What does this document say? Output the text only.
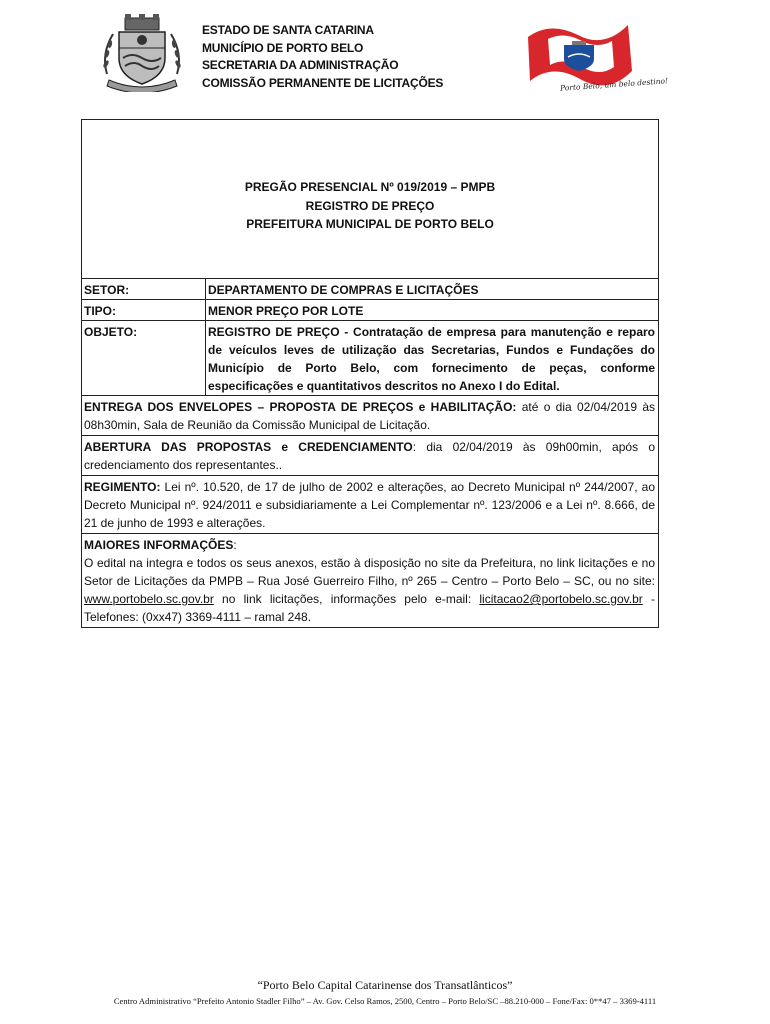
ESTADO DE SANTA CATARINA
MUNICÍPIO DE PORTO BELO
SECRETARIA DA ADMINISTRAÇÃO
COMISSÃO PERMANENTE DE LICITAÇÕES	Porto Belo, um belo destino!
PREGÃO PRESENCIAL Nº 019/2019 – PMPB
REGISTRO DE PREÇO
PREFEITURA MUNICIPAL DE PORTO BELO
SETOR:	DEPARTAMENTO DE COMPRAS E LICITAÇÕES
TIPO:	MENOR PREÇO POR LOTE
OBJETO:	REGISTRO DE PREÇO - Contratação de empresa para manutenção e reparo de veículos leves de utilização das Secretarias, Fundos e Fundações do Município de Porto Belo, com fornecimento de peças, conforme especificações e quantitativos descritos no Anexo I do Edital.
ENTREGA DOS ENVELOPES – PROPOSTA DE PREÇOS e HABILITAÇÃO: até o dia 02/04/2019 às 08h30min, Sala de Reunião da Comissão Municipal de Licitação.
ABERTURA DAS PROPOSTAS e CREDENCIAMENTO: dia 02/04/2019 às 09h00min, após o credenciamento dos representantes..
REGIMENTO: Lei nº. 10.520, de 17 de julho de 2002 e alterações, ao Decreto Municipal nº 244/2007, ao Decreto Municipal nº. 924/2011 e subsidiariamente a Lei Complementar nº. 123/2006 e a Lei nº. 8.666, de 21 de junho de 1993 e alterações.
MAIORES INFORMAÇÕES:
O edital na integra e todos os seus anexos, estão à disposição no site da Prefeitura, no link licitações e no Setor de Licitações da PMPB – Rua José Guerreiro Filho, nº 265 – Centro – Porto Belo – SC, ou no site: www.portobelo.sc.gov.br no link licitações, informações pelo e-mail: licitacao2@portobelo.sc.gov.br - Telefones: (0xx47) 3369-4111 – ramal 248.
“Porto Belo Capital Catarinense dos Transatlânticos”
Centro Administrativo “Prefeito Antonio Stadler Filho” – Av. Gov. Celso Ramos, 2500, Centro – Porto Belo/SC –88.210-000 – Fone/Fax: 0**47 – 3369-4111
